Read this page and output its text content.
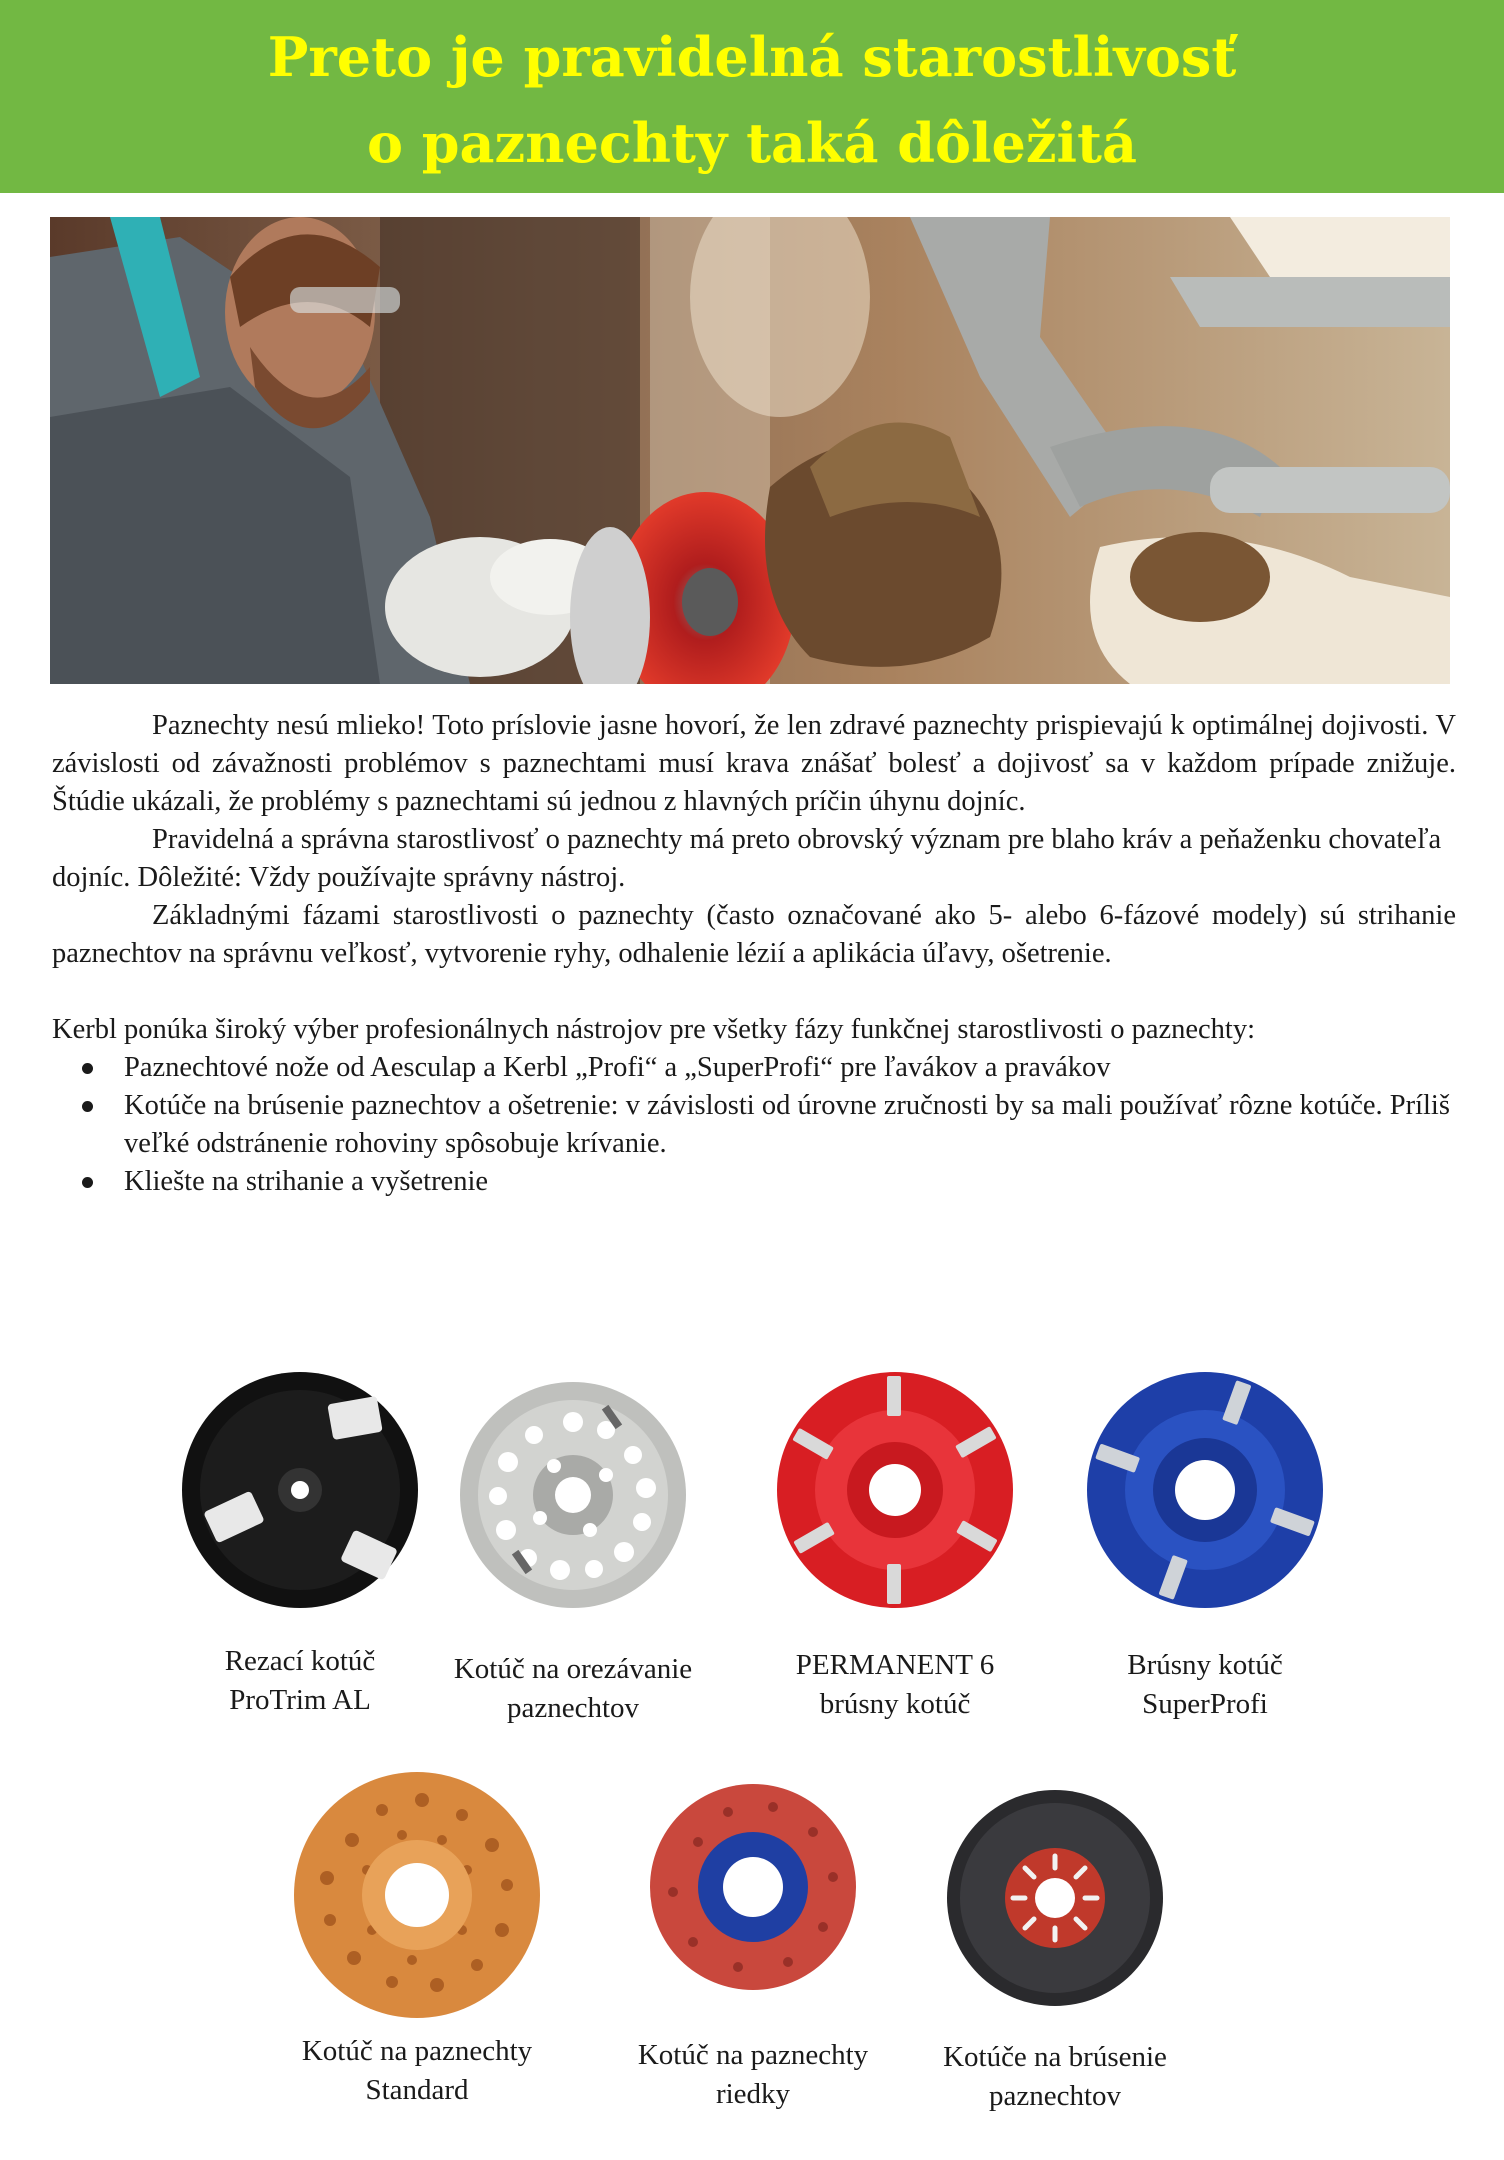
Preto je pravidelná starostlivosť
o paznechty taká dôležitá

Paznechty nesú mlieko! Toto príslovie jasne hovorí, že len zdravé paznechty prispievajú k optimálnej dojivosti. V závislosti od závažnosti problémov s paznechtami musí krava znášať bolesť a dojivosť sa v každom prípade znižuje. Štúdie ukázali, že problémy s paznechtami sú jednou z hlavných príčin úhynu dojníc.

Pravidelná a správna starostlivosť o paznechty má preto obrovský význam pre blaho kráv a peňaženku chovateľa dojníc. Dôležité: Vždy používajte správny nástroj.

Základnými fázami starostlivosti o paznechty (často označované ako 5- alebo 6-fázové modely) sú strihanie paznechtov na správnu veľkosť, vytvorenie ryhy, odhalenie lézií a aplikácia úľavy, ošetrenie.

Kerbl ponúka široký výber profesionálnych nástrojov pre všetky fázy funkčnej starostlivosti o paznechty:

Paznechtové nože od Aesculap a Kerbl „Profi“ a „SuperProfi“ pre ľavákov a pravákov
Kotúče na brúsenie paznechtov a ošetrenie: v závislosti od úrovne zručnosti by sa mali používať rôzne kotúče. Príliš veľké odstránenie rohoviny spôsobuje krívanie.
Kliešte na strihanie a vyšetrenie
Rezací kotúč
ProTrim AL
Kotúč na orezávanie
paznechtov
PERMANENT 6
brúsny kotúč
Brúsny kotúč
SuperProfi
Kotúč na paznechty
Standard
Kotúč na paznechty
riedky
Kotúče na brúsenie
paznechtov
